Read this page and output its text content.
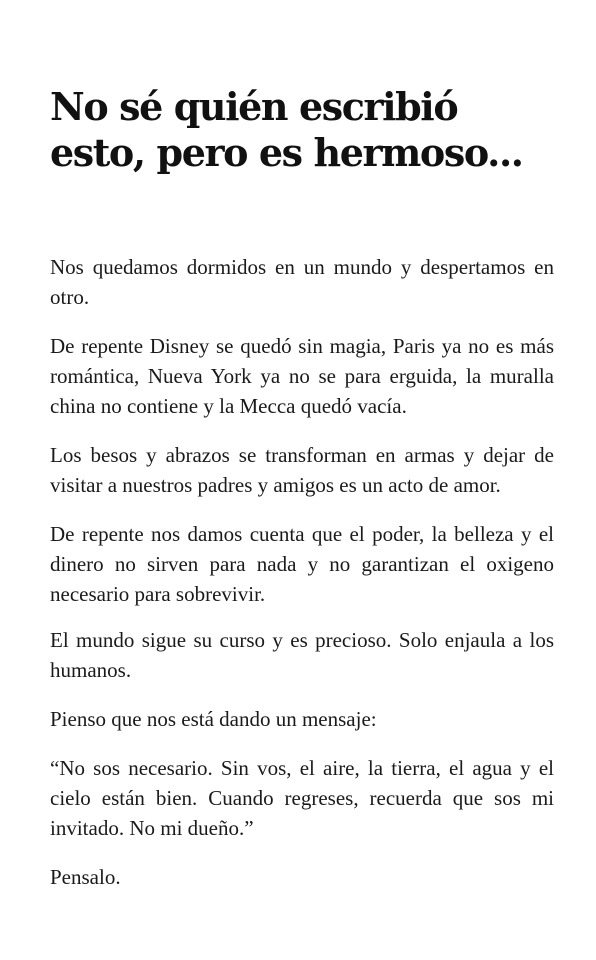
No sé quién escribió
esto, pero es hermoso...

Nos quedamos dormidos en un mundo y despertamos en otro.

De repente Disney se quedó sin magia, Paris ya no es más romántica, Nueva York ya no se para erguida, la muralla china no contiene y la Mecca quedó vacía.

Los besos y abrazos se transforman en armas y dejar de visitar a nuestros padres y amigos es un acto de amor.

De repente nos damos cuenta que el poder, la belleza y el dinero no sirven para nada y no garantizan el oxigeno necesario para sobrevivir.

El mundo sigue su curso y es precioso. Solo enjaula a los humanos.

Pienso que nos está dando un mensaje:

“No sos necesario. Sin vos, el aire, la tierra, el agua y el cielo están bien. Cuando regreses, recuerda que sos mi invitado. No mi dueño.”

Pensalo.
